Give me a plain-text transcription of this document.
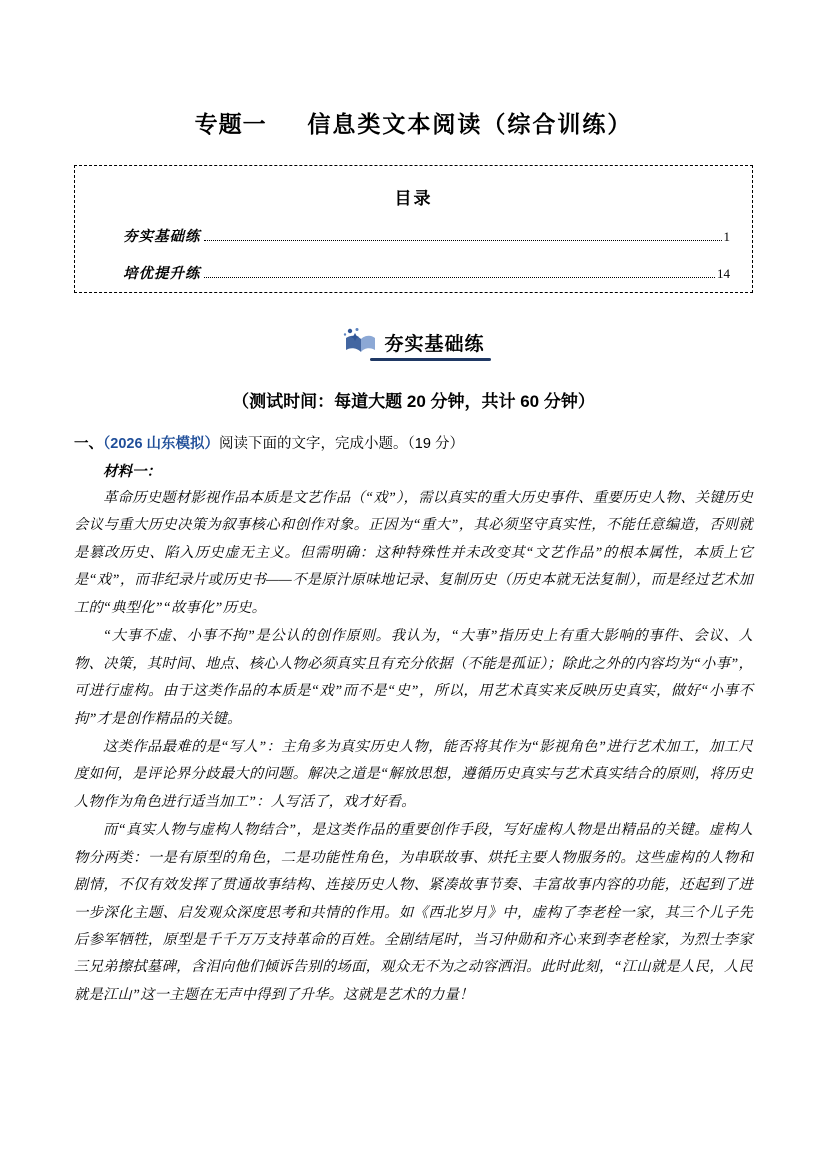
专题一 信息类文本阅读（综合训练）
目录
夯实基础练	1
培优提升练	14
夯实基础练
（测试时间：每道大题 20 分钟，共计 60 分钟）
一、（2026 山东模拟）阅读下面的文字，完成小题。（19 分）
材料一：

革命历史题材影视作品本质是文艺作品（“戏”），需以真实的重大历史事件、重要历史人物、关键历史会议与重大历史决策为叙事核心和创作对象。正因为“重大”，其必须坚守真实性，不能任意编造，否则就是篡改历史、陷入历史虚无主义。但需明确：这种特殊性并未改变其“文艺作品”的根本属性，本质上它是“戏”，而非纪录片或历史书——不是原汁原味地记录、复制历史（历史本就无法复制），而是经过艺术加工的“典型化”“故事化”历史。

“大事不虚、小事不拘”是公认的创作原则。我认为，“大事”指历史上有重大影响的事件、会议、人物、决策，其时间、地点、核心人物必须真实且有充分依据（不能是孤证）；除此之外的内容均为“小事”，可进行虚构。由于这类作品的本质是“戏”而不是“史”，所以，用艺术真实来反映历史真实，做好“小事不拘”才是创作精品的关键。

这类作品最难的是“写人”：主角多为真实历史人物，能否将其作为“影视角色”进行艺术加工，加工尺度如何，是评论界分歧最大的问题。解决之道是“解放思想，遵循历史真实与艺术真实结合的原则，将历史人物作为角色进行适当加工”：人写活了，戏才好看。

而“真实人物与虚构人物结合”，是这类作品的重要创作手段，写好虚构人物是出精品的关键。虚构人物分两类：一是有原型的角色，二是功能性角色，为串联故事、烘托主要人物服务的。这些虚构的人物和剧情，不仅有效发挥了贯通故事结构、连接历史人物、紧凑故事节奏、丰富故事内容的功能，还起到了进一步深化主题、启发观众深度思考和共情的作用。如《西北岁月》中，虚构了李老栓一家，其三个儿子先后参军牺牲，原型是千千万万支持革命的百姓。全剧结尾时，当习仲勋和齐心来到李老栓家，为烈士李家三兄弟擦拭墓碑，含泪向他们倾诉告别的场面，观众无不为之动容洒泪。此时此刻，“江山就是人民，人民就是江山”这一主题在无声中得到了升华。这就是艺术的力量！
